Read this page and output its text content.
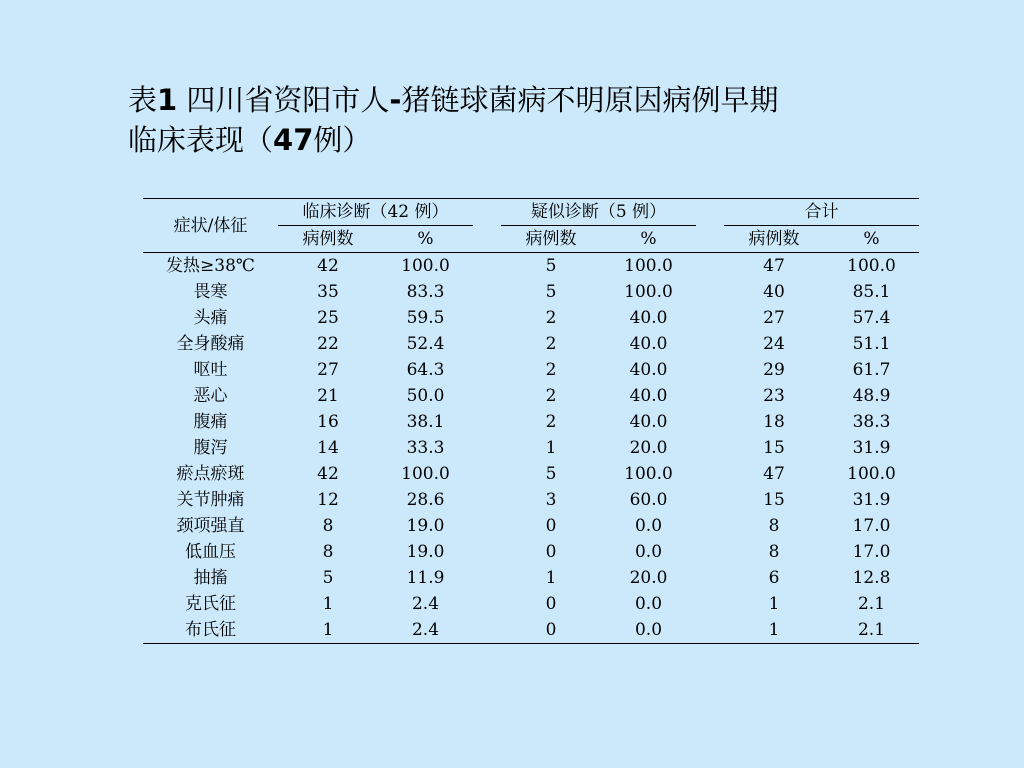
表1 四川省资阳市人-猪链球菌病不明原因病例早期
临床表现（47例）
症状/体征	临床诊断（42 例）			疑似诊断（5 例）			合计	
	病例数	%		病例数	%		病例数	%
发热≥38℃	42	100.0		5	100.0		47	100.0
畏寒	35	83.3		5	100.0		40	85.1
头痛	25	59.5		2	40.0		27	57.4
全身酸痛	22	52.4		2	40.0		24	51.1
呕吐	27	64.3		2	40.0		29	61.7
恶心	21	50.0		2	40.0		23	48.9
腹痛	16	38.1		2	40.0		18	38.3
腹泻	14	33.3		1	20.0		15	31.9
瘀点瘀斑	42	100.0		5	100.0		47	100.0
关节肿痛	12	28.6		3	60.0		15	31.9
颈项强直	8	19.0		0	0.0		8	17.0
低血压	8	19.0		0	0.0		8	17.0
抽搐	5	11.9		1	20.0		6	12.8
克氏征	1	2.4		0	0.0		1	2.1
布氏征	1	2.4		0	0.0		1	2.1
